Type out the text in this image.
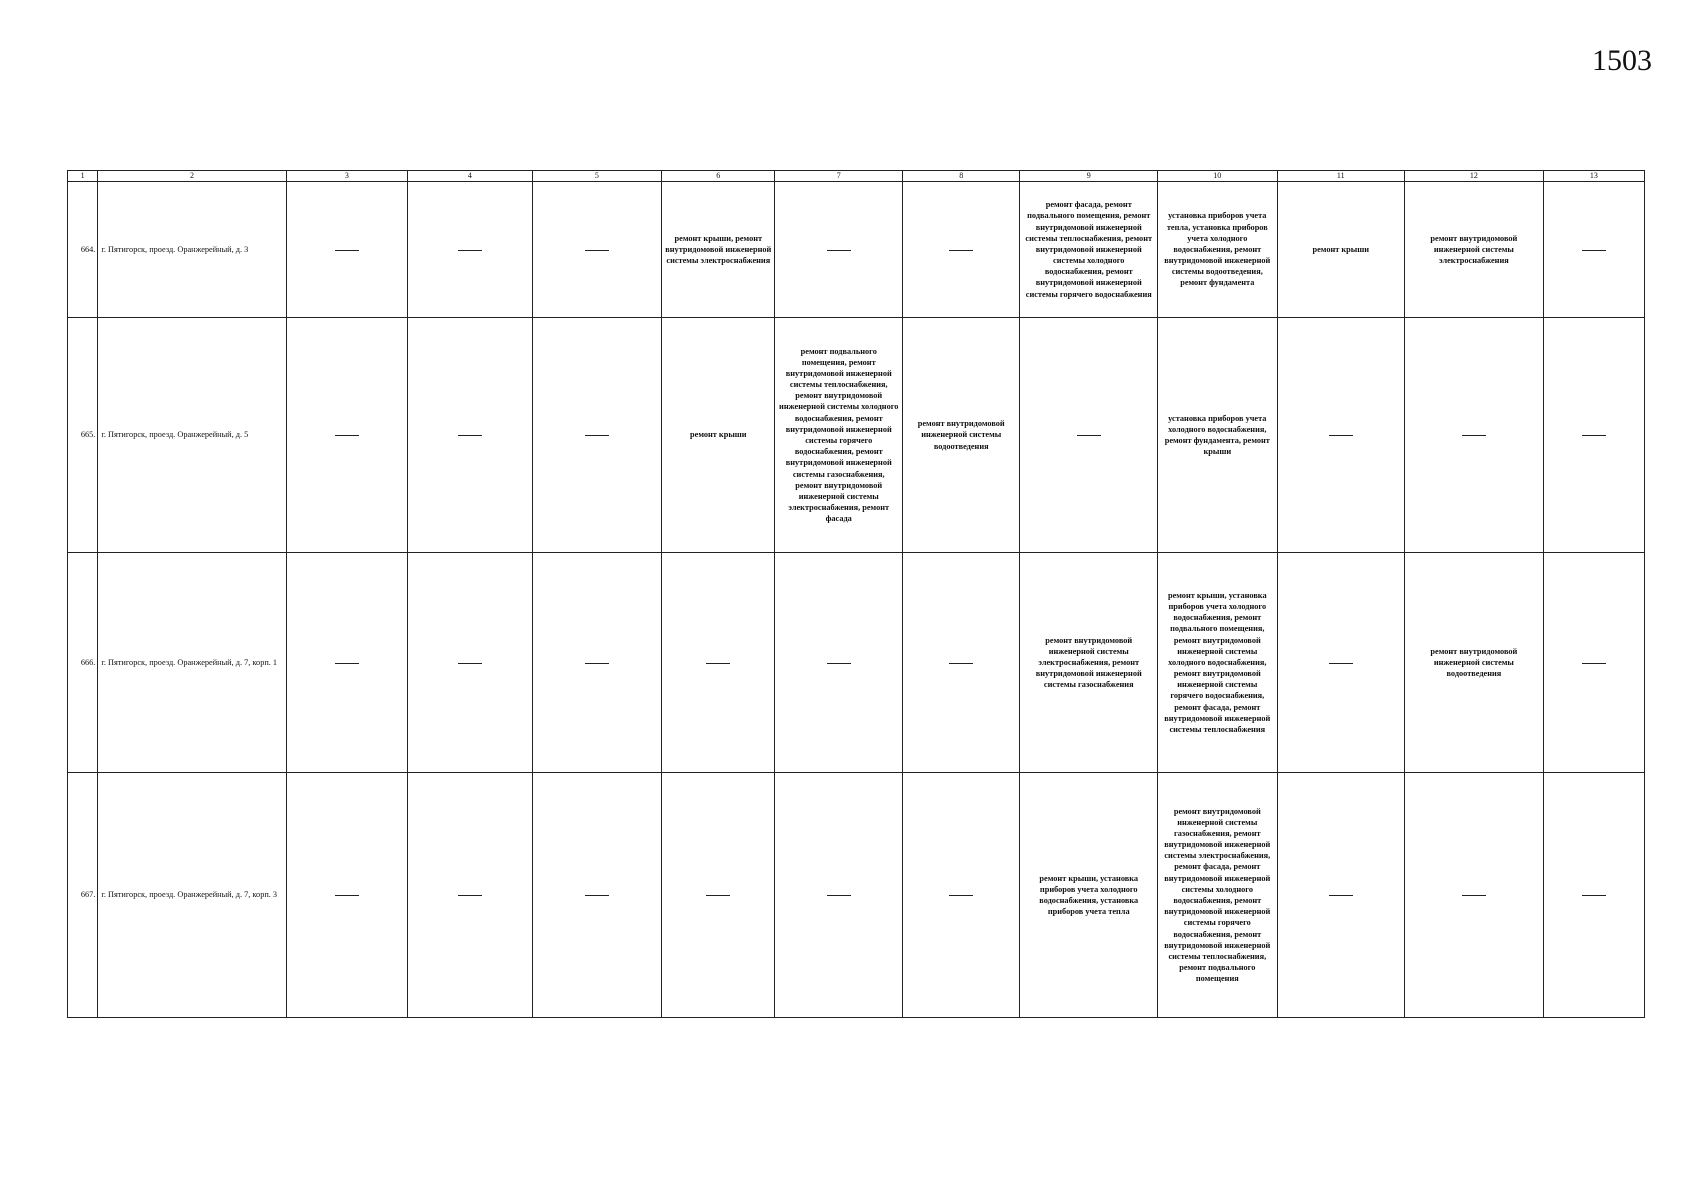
1503
1	2	3	4	5	6	7	8	9	10	11	12	13
664.	г. Пятигорск, проезд. Оранжерейный, д. 3				ремонт крыши, ремонт внутридомовой инженерной системы электроснабжения			ремонт фасада, ремонт подвального помещения, ремонт внутридомовой инженерной системы теплоснабжения, ремонт внутридомовой инженерной системы холодного водоснабжения, ремонт внутридомовой инженерной системы горячего водоснабжения	установка приборов учета тепла, установка приборов учета холодного водоснабжения, ремонт внутридомовой инженерной системы водоотведения, ремонт фундамента	ремонт крыши	ремонт внутридомовой инженерной системы электроснабжения	
665.	г. Пятигорск, проезд. Оранжерейный, д. 5				ремонт крыши	ремонт подвального помещения, ремонт внутридомовой инженерной системы теплоснабжения, ремонт внутридомовой инженерной системы холодного водоснабжения, ремонт внутридомовой инженерной системы горячего водоснабжения, ремонт внутридомовой инженерной системы газоснабжения, ремонт внутридомовой инженерной системы электроснабжения, ремонт фасада	ремонт внутридомовой инженерной системы водоотведения		установка приборов учета холодного водоснабжения, ремонт фундамента, ремонт крыши			
666.	г. Пятигорск, проезд. Оранжерейный, д. 7, корп. 1							ремонт внутридомовой инженерной системы электроснабжения, ремонт внутридомовой инженерной системы газоснабжения	ремонт крыши, установка приборов учета холодного водоснабжения, ремонт подвального помещения, ремонт внутридомовой инженерной системы холодного водоснабжения, ремонт внутридомовой инженерной системы горячего водоснабжения, ремонт фасада, ремонт внутридомовой инженерной системы теплоснабжения		ремонт внутридомовой инженерной системы водоотведения	
667.	г. Пятигорск, проезд. Оранжерейный, д. 7, корп. 3							ремонт крыши, установка приборов учета холодного водоснабжения, установка приборов учета тепла	ремонт внутридомовой инженерной системы газоснабжения, ремонт внутридомовой инженерной системы электроснабжения, ремонт фасада, ремонт внутридомовой инженерной системы холодного водоснабжения, ремонт внутридомовой инженерной системы горячего водоснабжения, ремонт внутридомовой инженерной системы теплоснабжения, ремонт подвального помещения			
